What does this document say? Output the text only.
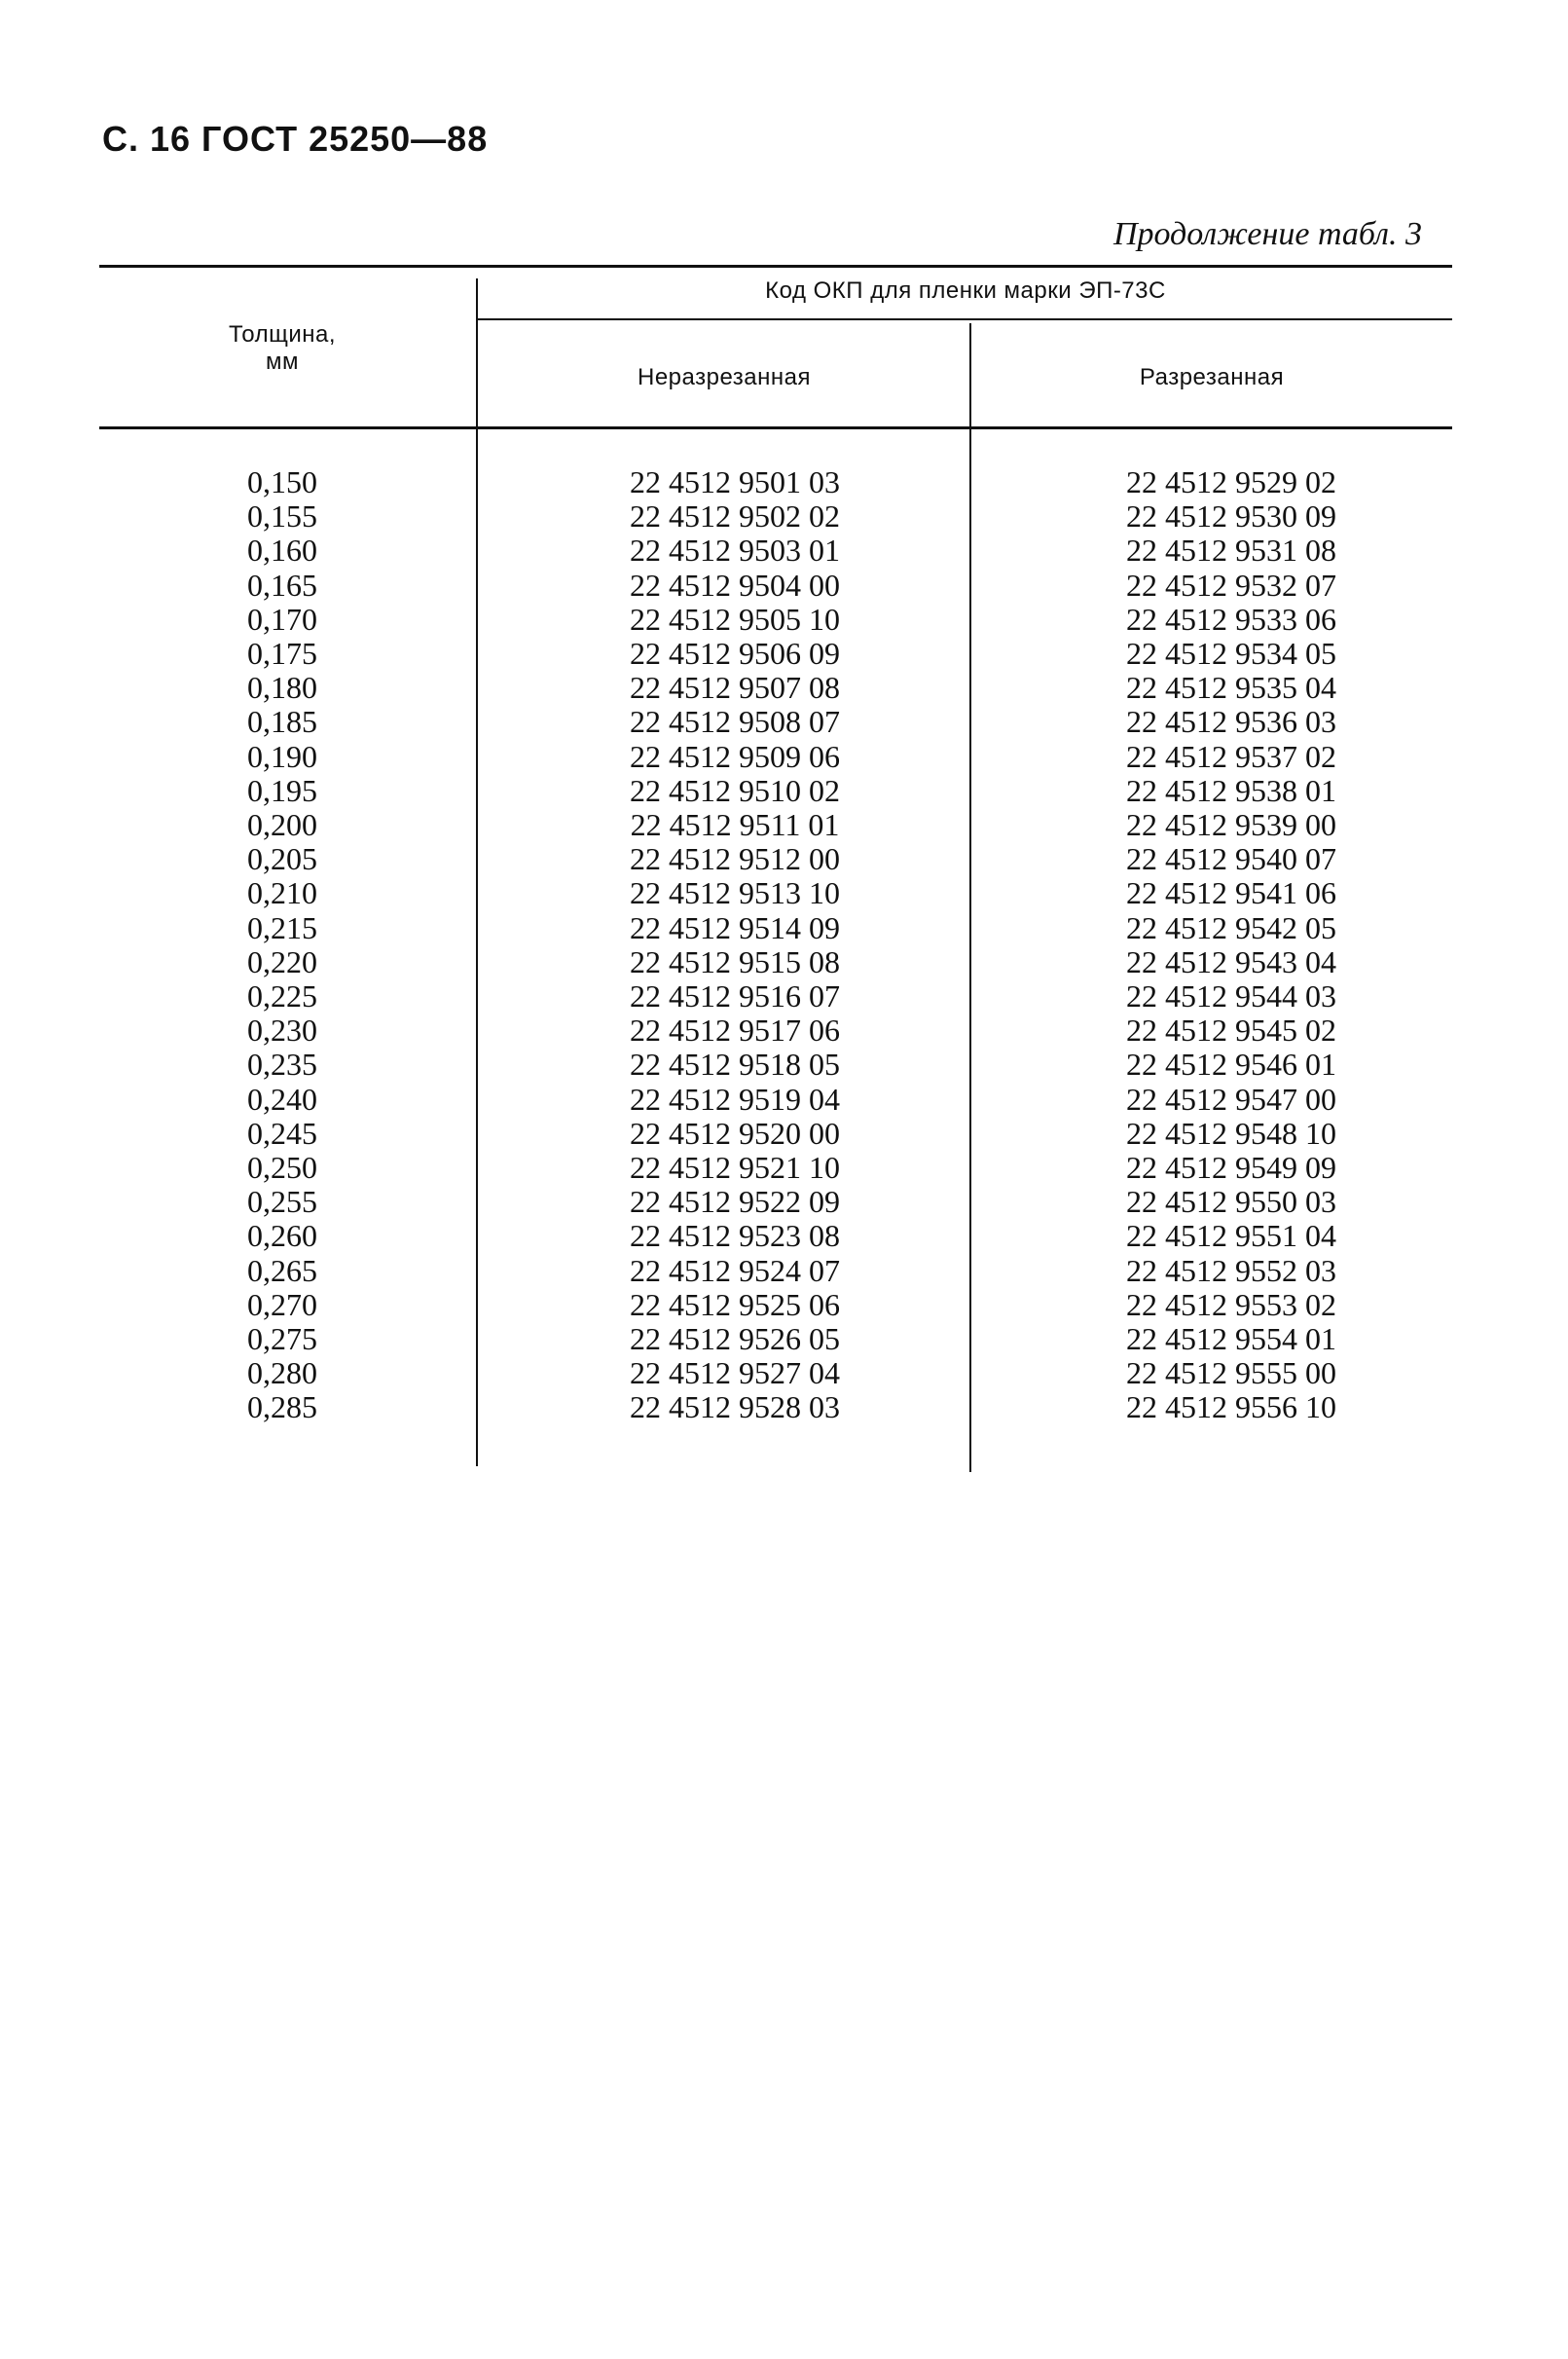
С. 16 ГОСТ 25250—88
Продолжение табл. 3
Толщина,
мм
Код ОКП для пленки марки ЭП-73С
Неразрезанная	Разрезанная
0,150
0,155
0,160
0,165
0,170
0,175
0,180
0,185
0,190
0,195
0,200
0,205
0,210
0,215
0,220
0,225
0,230
0,235
0,240
0,245
0,250
0,255
0,260
0,265
0,270
0,275
0,280
0,285
22 4512 9501 03
22 4512 9502 02
22 4512 9503 01
22 4512 9504 00
22 4512 9505 10
22 4512 9506 09
22 4512 9507 08
22 4512 9508 07
22 4512 9509 06
22 4512 9510 02
22 4512 9511 01
22 4512 9512 00
22 4512 9513 10
22 4512 9514 09
22 4512 9515 08
22 4512 9516 07
22 4512 9517 06
22 4512 9518 05
22 4512 9519 04
22 4512 9520 00
22 4512 9521 10
22 4512 9522 09
22 4512 9523 08
22 4512 9524 07
22 4512 9525 06
22 4512 9526 05
22 4512 9527 04
22 4512 9528 03
22 4512 9529 02
22 4512 9530 09
22 4512 9531 08
22 4512 9532 07
22 4512 9533 06
22 4512 9534 05
22 4512 9535 04
22 4512 9536 03
22 4512 9537 02
22 4512 9538 01
22 4512 9539 00
22 4512 9540 07
22 4512 9541 06
22 4512 9542 05
22 4512 9543 04
22 4512 9544 03
22 4512 9545 02
22 4512 9546 01
22 4512 9547 00
22 4512 9548 10
22 4512 9549 09
22 4512 9550 03
22 4512 9551 04
22 4512 9552 03
22 4512 9553 02
22 4512 9554 01
22 4512 9555 00
22 4512 9556 10
